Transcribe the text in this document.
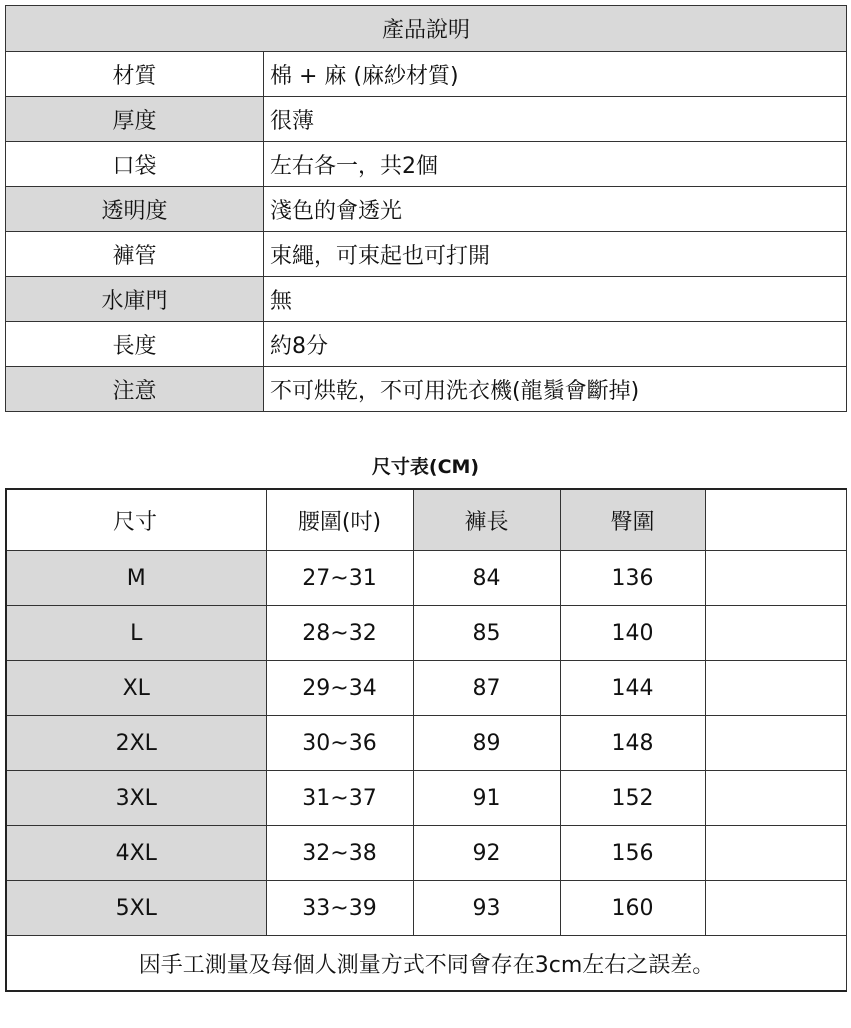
產品說明	
材質	棉 + 麻 (麻紗材質)
厚度	很薄
口袋	左右各一，共2個
透明度	淺色的會透光
褲管	束繩，可束起也可打開
水庫門	無
長度	約8分
注意	不可烘乾，不可用洗衣機(龍鬚會斷掉)
尺寸表(CM)
尺寸	腰圍(吋)	褲長	臀圍	
M	27~31	84	136	
L	28~32	85	140	
XL	29~34	87	144	
2XL	30~36	89	148	
3XL	31~37	91	152	
4XL	32~38	92	156	
5XL	33~39	93	160	
因手工測量及每個人測量方式不同會存在3cm左右之誤差。				
